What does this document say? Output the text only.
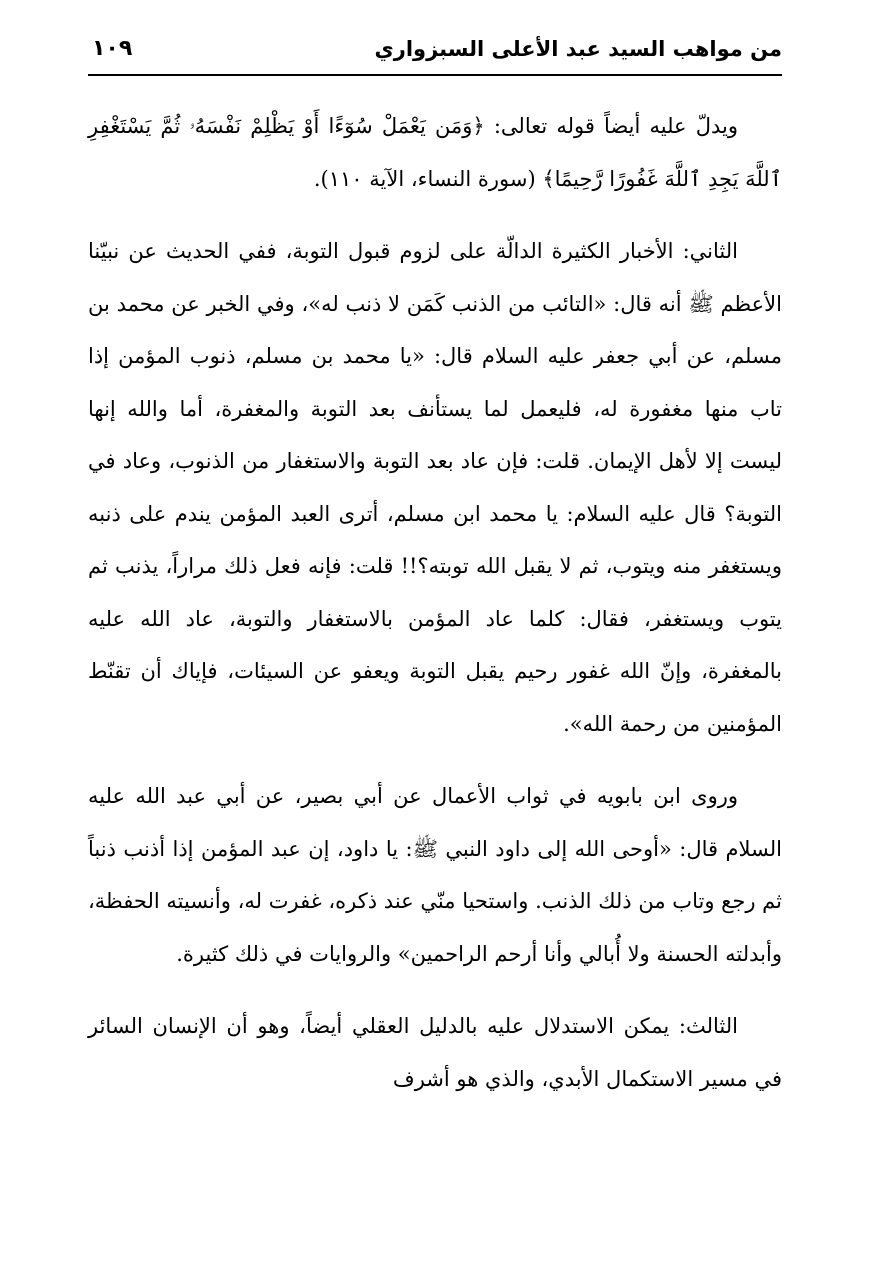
من مواهب السيد عبد الأعلى السبزواري
١٠٩

ويدلّ عليه أيضاً قوله تعالى: ﴿وَمَن يَعْمَلْ سُوٓءًا أَوْ يَظْلِمْ نَفْسَهُۥ ثُمَّ يَسْتَغْفِرِ ٱللَّهَ يَجِدِ ٱللَّهَ غَفُورًا رَّحِيمًا﴾ (سورة النساء، الآية ١١٠).

الثاني: الأخبار الكثيرة الدالّة على لزوم قبول التوبة، ففي الحديث عن نبيّنا الأعظم ﷺ أنه قال: «التائب من الذنب كَمَن لا ذنب له»، وفي الخبر عن محمد بن مسلم، عن أبي جعفر عليه السلام قال: «يا محمد بن مسلم، ذنوب المؤمن إذا تاب منها مغفورة له، فليعمل لما يستأنف بعد التوبة والمغفرة، أما والله إنها ليست إلا لأهل الإيمان. قلت: فإن عاد بعد التوبة والاستغفار من الذنوب، وعاد في التوبة؟ قال عليه السلام: يا محمد ابن مسلم، أترى العبد المؤمن يندم على ذنبه ويستغفر منه ويتوب، ثم لا يقبل الله توبته؟!! قلت: فإنه فعل ذلك مراراً، يذنب ثم يتوب ويستغفر، فقال: كلما عاد المؤمن بالاستغفار والتوبة، عاد الله عليه بالمغفرة، وإنّ الله غفور رحيم يقبل التوبة ويعفو عن السيئات، فإياك أن تقنّط المؤمنين من رحمة الله».

وروى ابن بابويه في ثواب الأعمال عن أبي بصير، عن أبي عبد الله عليه السلام قال: «أوحى الله إلى داود النبي ﷺ: يا داود، إن عبد المؤمن إذا أذنب ذنباً ثم رجع وتاب من ذلك الذنب. واستحيا منّي عند ذكره، غفرت له، وأنسيته الحفظة، وأبدلته الحسنة ولا أُبالي وأنا أرحم الراحمين» والروايات في ذلك كثيرة.

الثالث: يمكن الاستدلال عليه بالدليل العقلي أيضاً، وهو أن الإنسان السائر في مسير الاستكمال الأبدي، والذي هو أشرف
